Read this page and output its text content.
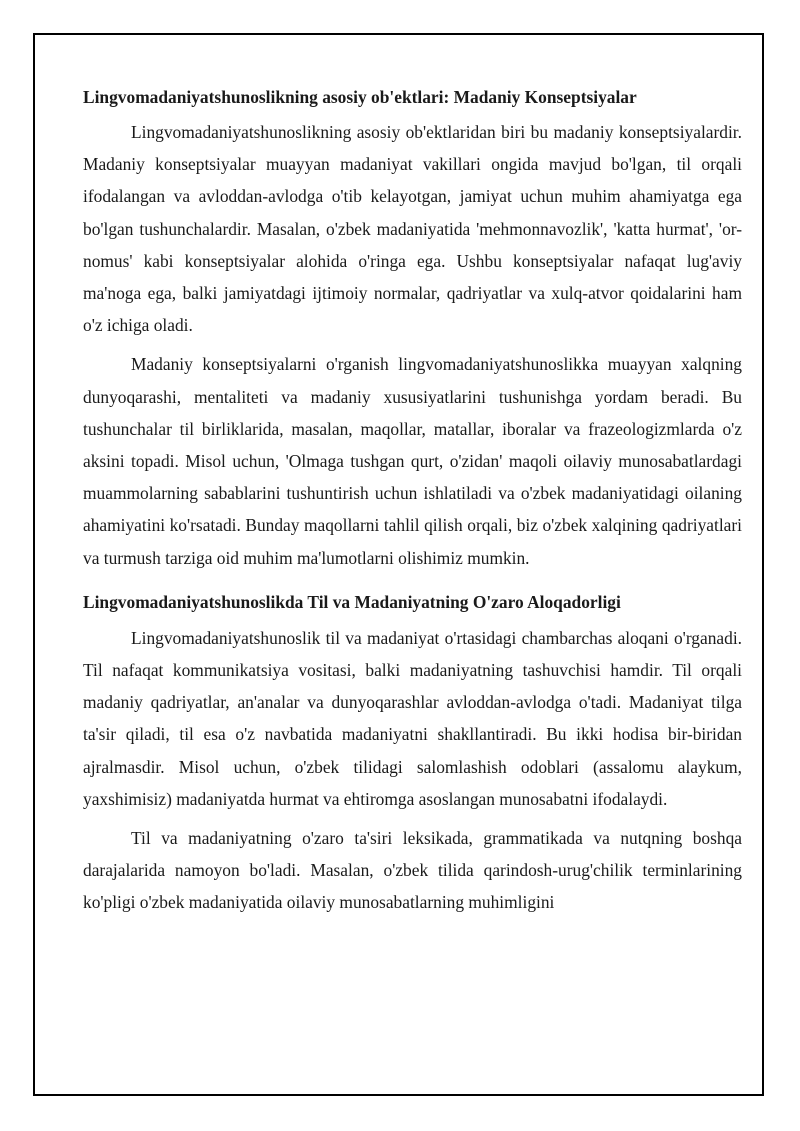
Lingvomadaniyatshunoslikning asosiy ob'ektlari: Madaniy Konseptsiyalar

Lingvomadaniyatshunoslikning asosiy ob'ektlaridan biri bu madaniy konseptsiyalardir. Madaniy konseptsiyalar muayyan madaniyat vakillari ongida mavjud bo'lgan, til orqali ifodalangan va avloddan-avlodga o'tib kelayotgan, jamiyat uchun muhim ahamiyatga ega bo'lgan tushunchalardir. Masalan, o'zbek madaniyatida 'mehmonnavozlik', 'katta hurmat', 'or-nomus' kabi konseptsiyalar alohida o'ringa ega. Ushbu konseptsiyalar nafaqat lug'aviy ma'noga ega, balki jamiyatdagi ijtimoiy normalar, qadriyatlar va xulq-atvor qoidalarini ham o'z ichiga oladi.

Madaniy konseptsiyalarni o'rganish lingvomadaniyatshunoslikka muayyan xalqning dunyoqarashi, mentaliteti va madaniy xususiyatlarini tushunishga yordam beradi. Bu tushunchalar til birliklarida, masalan, maqollar, matallar, iboralar va frazeologizmlarda o'z aksini topadi. Misol uchun, 'Olmaga tushgan qurt, o'zidan' maqoli oilaviy munosabatlardagi muammolarning sabablarini tushuntirish uchun ishlatiladi va o'zbek madaniyatidagi oilaning ahamiyatini ko'rsatadi. Bunday maqollarni tahlil qilish orqali, biz o'zbek xalqining qadriyatlari va turmush tarziga oid muhim ma'lumotlarni olishimiz mumkin.

Lingvomadaniyatshunoslikda Til va Madaniyatning O'zaro Aloqadorligi

Lingvomadaniyatshunoslik til va madaniyat o'rtasidagi chambarchas aloqani o'rganadi. Til nafaqat kommunikatsiya vositasi, balki madaniyatning tashuvchisi hamdir. Til orqali madaniy qadriyatlar, an'analar va dunyoqarashlar avloddan-avlodga o'tadi. Madaniyat tilga ta'sir qiladi, til esa o'z navbatida madaniyatni shakllantiradi. Bu ikki hodisa bir-biridan ajralmasdir. Misol uchun, o'zbek tilidagi salomlashish odoblari (assalomu alaykum, yaxshimisiz) madaniyatda hurmat va ehtiromga asoslangan munosabatni ifodalaydi.

Til va madaniyatning o'zaro ta'siri leksikada, grammatikada va nutqning boshqa darajalarida namoyon bo'ladi. Masalan, o'zbek tilida qarindosh-urug'chilik terminlarining ko'pligi o'zbek madaniyatida oilaviy munosabatlarning muhimligini
